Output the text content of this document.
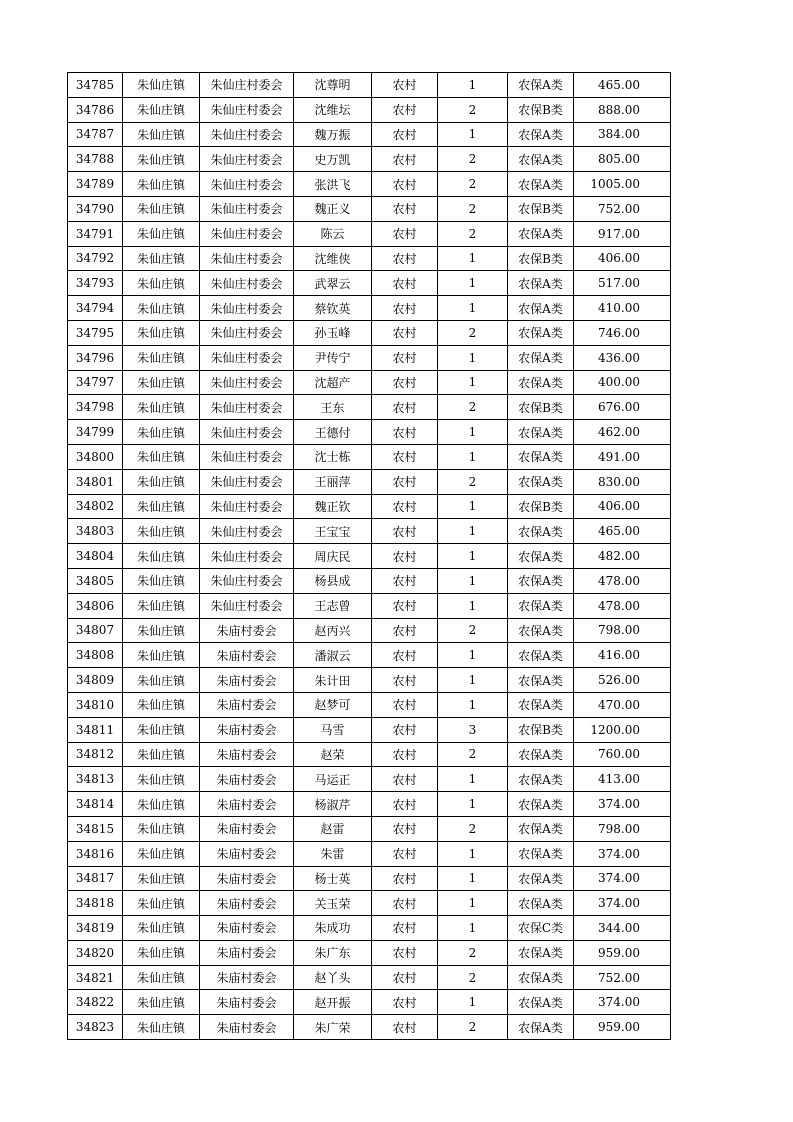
34785	朱仙庄镇	朱仙庄村委会	沈尊明	农村	1	农保A类	465.00
34786	朱仙庄镇	朱仙庄村委会	沈维坛	农村	2	农保B类	888.00
34787	朱仙庄镇	朱仙庄村委会	魏万振	农村	1	农保A类	384.00
34788	朱仙庄镇	朱仙庄村委会	史万凯	农村	2	农保A类	805.00
34789	朱仙庄镇	朱仙庄村委会	张洪飞	农村	2	农保A类	1005.00
34790	朱仙庄镇	朱仙庄村委会	魏正义	农村	2	农保B类	752.00
34791	朱仙庄镇	朱仙庄村委会	陈云	农村	2	农保A类	917.00
34792	朱仙庄镇	朱仙庄村委会	沈维侠	农村	1	农保B类	406.00
34793	朱仙庄镇	朱仙庄村委会	武翠云	农村	1	农保A类	517.00
34794	朱仙庄镇	朱仙庄村委会	蔡钦英	农村	1	农保A类	410.00
34795	朱仙庄镇	朱仙庄村委会	孙玉峰	农村	2	农保A类	746.00
34796	朱仙庄镇	朱仙庄村委会	尹传宁	农村	1	农保A类	436.00
34797	朱仙庄镇	朱仙庄村委会	沈超产	农村	1	农保A类	400.00
34798	朱仙庄镇	朱仙庄村委会	王东	农村	2	农保B类	676.00
34799	朱仙庄镇	朱仙庄村委会	王德付	农村	1	农保A类	462.00
34800	朱仙庄镇	朱仙庄村委会	沈士栋	农村	1	农保A类	491.00
34801	朱仙庄镇	朱仙庄村委会	王丽萍	农村	2	农保A类	830.00
34802	朱仙庄镇	朱仙庄村委会	魏正钦	农村	1	农保B类	406.00
34803	朱仙庄镇	朱仙庄村委会	王宝宝	农村	1	农保A类	465.00
34804	朱仙庄镇	朱仙庄村委会	周庆民	农村	1	农保A类	482.00
34805	朱仙庄镇	朱仙庄村委会	杨县成	农村	1	农保A类	478.00
34806	朱仙庄镇	朱仙庄村委会	王志曾	农村	1	农保A类	478.00
34807	朱仙庄镇	朱庙村委会	赵丙兴	农村	2	农保A类	798.00
34808	朱仙庄镇	朱庙村委会	潘淑云	农村	1	农保A类	416.00
34809	朱仙庄镇	朱庙村委会	朱计田	农村	1	农保A类	526.00
34810	朱仙庄镇	朱庙村委会	赵梦可	农村	1	农保A类	470.00
34811	朱仙庄镇	朱庙村委会	马雪	农村	3	农保B类	1200.00
34812	朱仙庄镇	朱庙村委会	赵荣	农村	2	农保A类	760.00
34813	朱仙庄镇	朱庙村委会	马运正	农村	1	农保A类	413.00
34814	朱仙庄镇	朱庙村委会	杨淑芹	农村	1	农保A类	374.00
34815	朱仙庄镇	朱庙村委会	赵雷	农村	2	农保A类	798.00
34816	朱仙庄镇	朱庙村委会	朱雷	农村	1	农保A类	374.00
34817	朱仙庄镇	朱庙村委会	杨士英	农村	1	农保A类	374.00
34818	朱仙庄镇	朱庙村委会	关玉荣	农村	1	农保A类	374.00
34819	朱仙庄镇	朱庙村委会	朱成功	农村	1	农保C类	344.00
34820	朱仙庄镇	朱庙村委会	朱广东	农村	2	农保A类	959.00
34821	朱仙庄镇	朱庙村委会	赵丫头	农村	2	农保A类	752.00
34822	朱仙庄镇	朱庙村委会	赵开振	农村	1	农保A类	374.00
34823	朱仙庄镇	朱庙村委会	朱广荣	农村	2	农保A类	959.00
